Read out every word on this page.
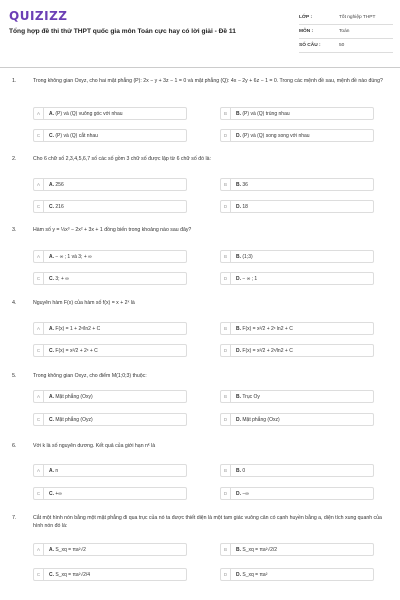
QUIZIZZ
Tổng hợp đề thi thử THPT quốc gia môn Toán cực hay có lời giải - Đề 11
LỚP :	Tốt nghiệp THPT
MÔN :	Toán
SỐ CÂU :	50
1.	Trong không gian Oxyz, cho hai mặt phẳng (P): 2x − y + 3z − 1 = 0 và mặt phẳng (Q): 4x − 2y + 6z − 1 = 0. Trong các mệnh đề sau, mệnh đề nào đúng?
A	A. (P) và (Q) vuông góc với nhau	B	B. (P) và (Q) trùng nhau
C	C. (P) và (Q) cắt nhau	D	D. (P) và (Q) song song với nhau
2.	Cho 6 chữ số 2,3,4,5,6,7 số các số gồm 3 chữ số được lập từ 6 chữ số đó là:
A	A. 256	B	B. 36
C	C. 216	D	D. 18
3.	Hàm số y = ⅓x³ − 2x² + 3x + 1 đồng biến trong khoảng nào sau đây?
A	A. − ∞ ; 1 và 3; + ∞	B	B. (1;3)
C	C. 3; + ∞	D	D. − ∞ ; 1
4.	Nguyên hàm F(x) của hàm số f(x) = x + 2ˣ là
A	A. F(x) = 1 + 2ˣ/ln2 + C	B	B. F(x) = x²/2 + 2ˣ ln2 + C
C	C. F(x) = x²/2 + 2ˣ + C	D	D. F(x) = x²/2 + 2ˣ/ln2 + C
5.	Trong không gian Oxyz, cho điểm M(1;0;3) thuộc:
A	A. Mặt phẳng (Oxy)	B	B. Trục Oy
C	C. Mặt phẳng (Oyz)	D	D. Mặt phẳng (Oxz)
6.	Với k là số nguyên dương. Kết quả của giới hạn nᵏ là
A	A. n	B	B. 0
C	C. +∞	D	D. −∞
7.	Cắt một hình nón bằng một mặt phẳng đi qua trục của nó ta được thiết diện là một tam giác vuông cân có cạnh huyền bằng a, diện tích xung quanh của hình nón đó là:
A	A. S_xq = πa²√2	B	B. S_xq = πa²√2/2
C	C. S_xq = πa²√2/4	D	D. S_xq = πa²
